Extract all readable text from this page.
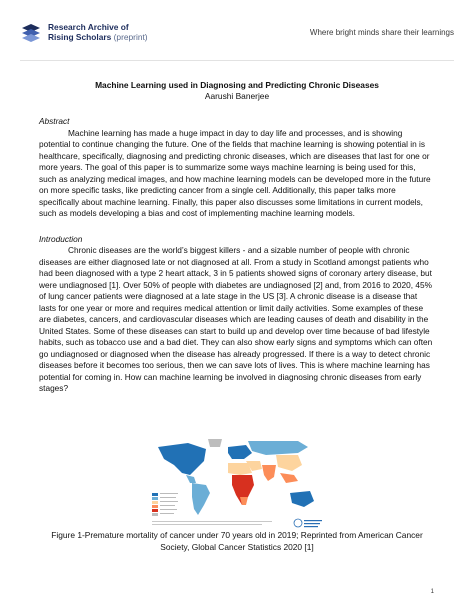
Research Archive of
Rising Scholars (preprint)	Where bright minds share their learnings
Machine Learning used in Diagnosing and Predicting Chronic Diseases
Aarushi Banerjee
Abstract
Machine learning has made a huge impact in day to day life and processes, and is showing potential to continue changing the future. One of the fields that machine learning is showing potential in is healthcare, specifically, diagnosing and predicting chronic diseases, which are diseases that last for one or more years. The goal of this paper is to summarize some ways machine learning is being used for this, such as analyzing medical images, and how machine learning models can be developed more in the future on more specific tasks, like predicting cancer from a single cell. Additionally, this paper talks more specifically about machine learning. Finally, this paper also discusses some limitations in current models, such as models developing a bias and cost of implementing machine learning models.
Introduction
Chronic diseases are the world’s biggest killers - and a sizable number of people with chronic diseases are either diagnosed late or not diagnosed at all. From a study in Scotland amongst patients who had been diagnosed with a type 2 heart attack, 3 in 5 patients showed signs of coronary artery disease, but were undiagnosed [1]. Over 50% of people with diabetes are undiagnosed [2] and, from 2016 to 2020, 45% of lung cancer patients were diagnosed at a late stage in the US [3]. A chronic disease is a disease that lasts for one year or more and requires medical attention or limit daily activities. Some examples of these are diabetes, cancers, and cardiovascular diseases which are leading causes of death and disability in the United States. Some of these diseases can start to build up and develop over time because of bad lifestyle habits, such as tobacco use and a bad diet. They can also show early signs and symptoms which can often go undiagnosed or diagnosed when the disease has already progressed. If there is a way to detect chronic diseases before it becomes too serious, then we can save lots of lives. This is where machine learning has potential for coming in. How can machine learning be involved in diagnosing chronic diseases from early stages?
Figure 1-Premature mortality of cancer under 70 years old in 2019; Reprinted from American Cancer Society, Global Cancer Statistics 2020 [1]
1
